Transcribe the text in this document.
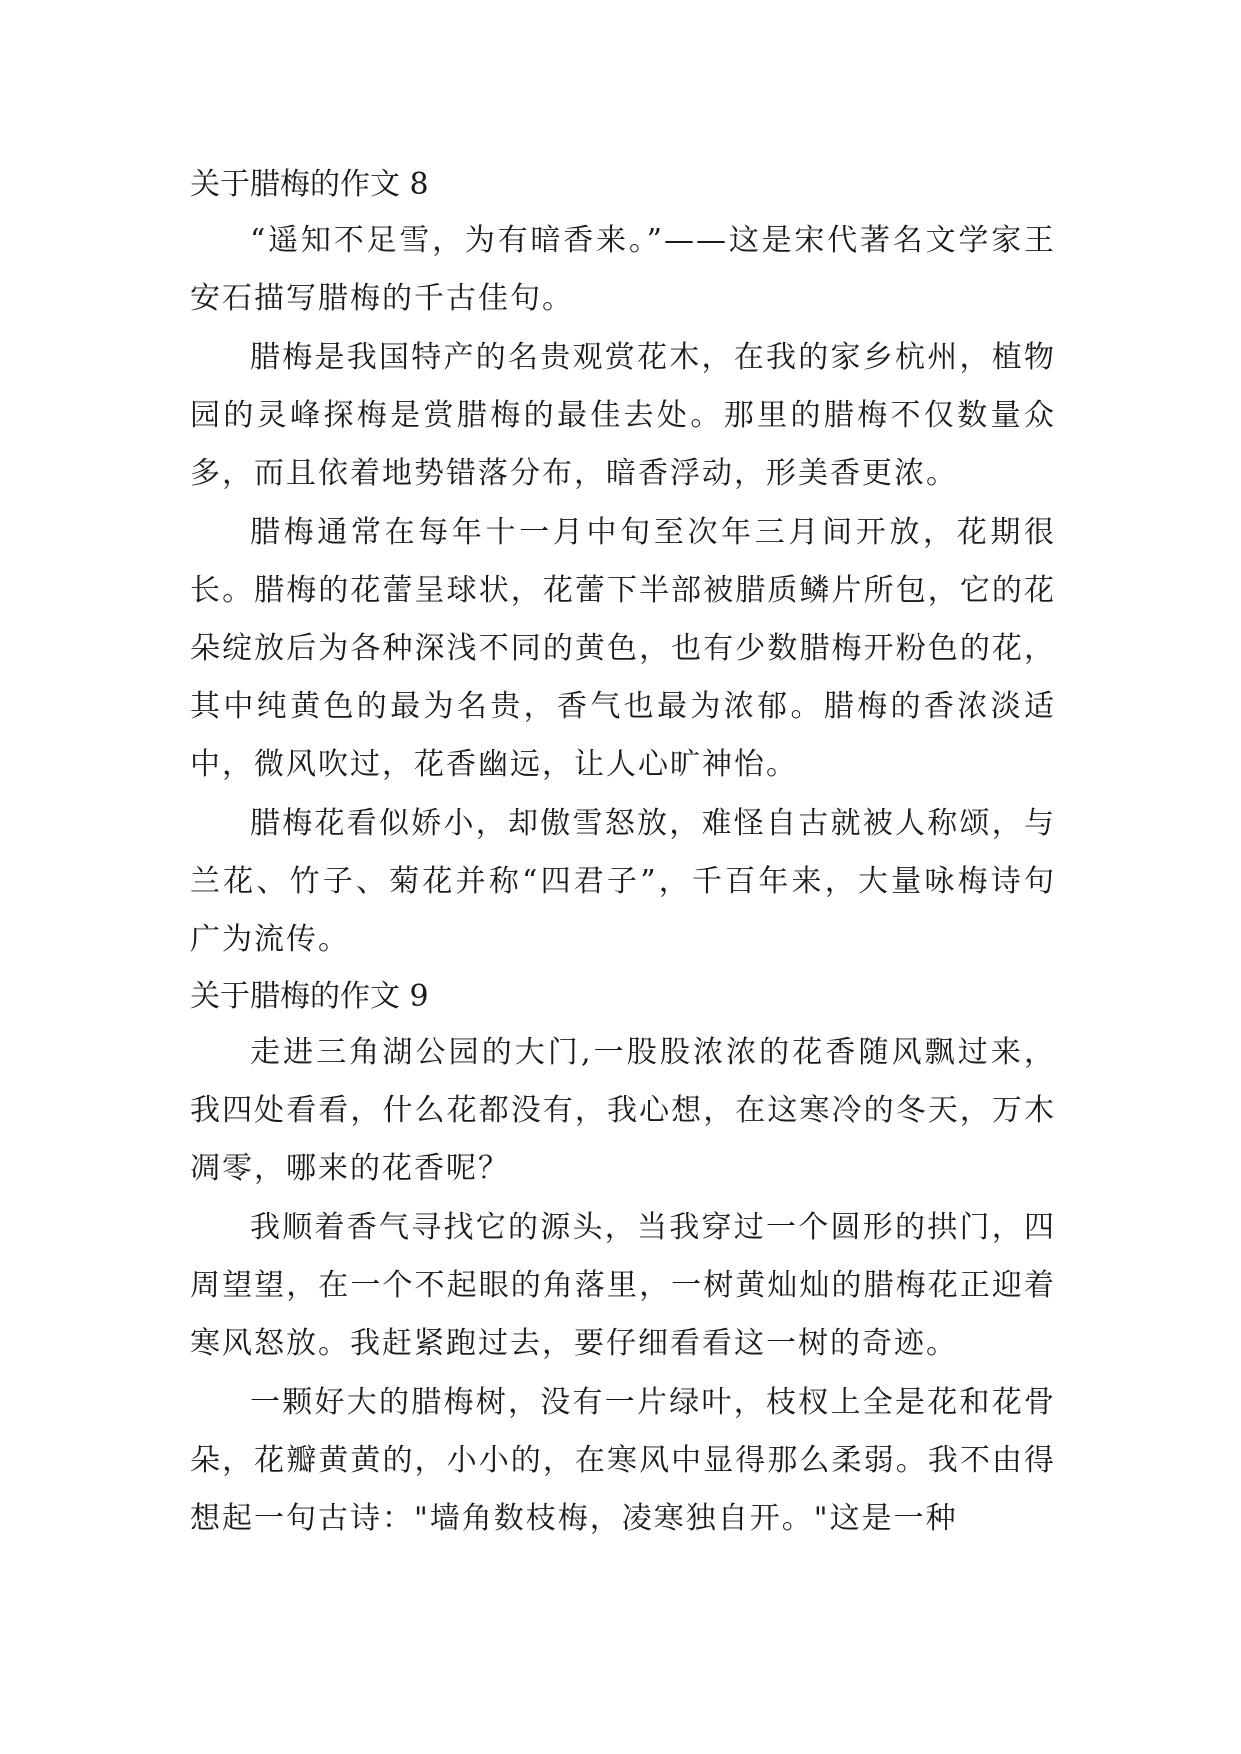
关于腊梅的作文 8

“遥知不足雪，为有暗香来。”——这是宋代著名文学家王安石描写腊梅的千古佳句。

腊梅是我国特产的名贵观赏花木，在我的家乡杭州，植物园的灵峰探梅是赏腊梅的最佳去处。那里的腊梅不仅数量众多，而且依着地势错落分布，暗香浮动，形美香更浓。

腊梅通常在每年十一月中旬至次年三月间开放，花期很长。腊梅的花蕾呈球状，花蕾下半部被腊质鳞片所包，它的花朵绽放后为各种深浅不同的黄色，也有少数腊梅开粉色的花，其中纯黄色的最为名贵，香气也最为浓郁。腊梅的香浓淡适中，微风吹过，花香幽远，让人心旷神怡。

腊梅花看似娇小，却傲雪怒放，难怪自古就被人称颂，与兰花、竹子、菊花并称“四君子”，千百年来，大量咏梅诗句广为流传。

关于腊梅的作文 9

走进三角湖公园的大门,一股股浓浓的花香随风飘过来，我四处看看，什么花都没有，我心想，在这寒冷的冬天，万木凋零，哪来的花香呢？

我顺着香气寻找它的源头，当我穿过一个圆形的拱门，四周望望，在一个不起眼的角落里，一树黄灿灿的腊梅花正迎着寒风怒放。我赶紧跑过去，要仔细看看这一树的奇迹。

一颗好大的腊梅树，没有一片绿叶，枝杈上全是花和花骨朵，花瓣黄黄的，小小的，在寒风中显得那么柔弱。我不由得想起一句古诗："墙角数枝梅，凌寒独自开。"这是一种
